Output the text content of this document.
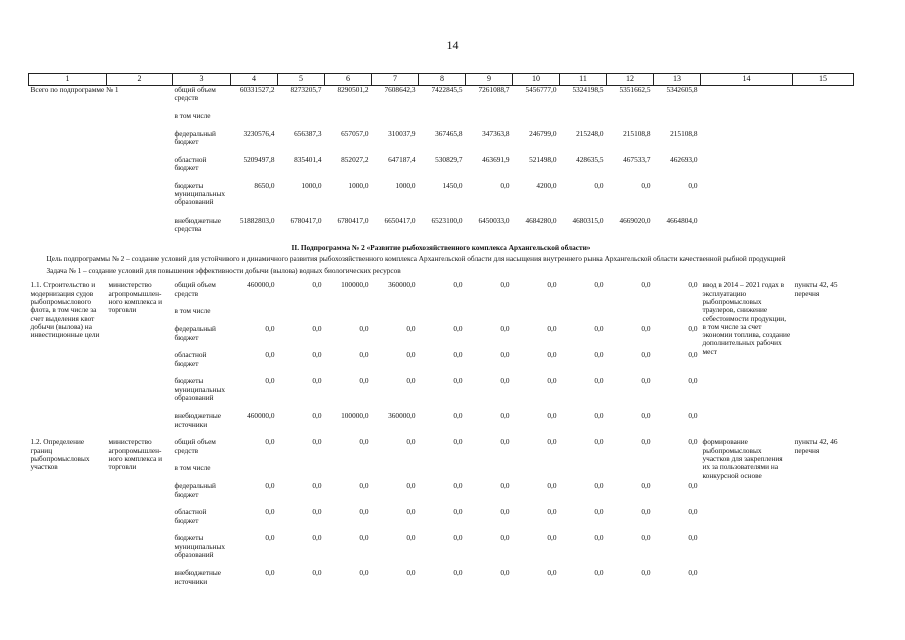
14
1	2	3	4	5	6	7	8	9	10	11	12	13	14	15
Всего по подпрограмме № 1		общий объем средств	60331527,2	8273205,7	8290501,2	7608642,3	7422845,5	7261088,7	5456777,0	5324198,5	5351662,5	5342605,8		
		в том числе												
		федеральный бюджет	3230576,4	656387,3	657057,0	310037,9	367465,8	347363,8	246799,0	215248,0	215108,8	215108,8		
		областной бюджет	5209497,8	835401,4	852027,2	647187,4	530829,7	463691,9	521498,0	428635,5	467533,7	462693,0		
		бюджеты муниципальных образований	8650,0	1000,0	1000,0	1000,0	1450,0	0,0	4200,0	0,0	0,0	0,0		
		внебюджетные средства	51882803,0	6780417,0	6780417,0	6650417,0	6523100,0	6450033,0	4684280,0	4680315,0	4669020,0	4664804,0		
II. Подпрограмма № 2 «Развитие рыбохозяйственного комплекса Архангельской области»														
Цель подпрограммы № 2 – создание условий для устойчивого и динамичного развития рыбохозяйственного комплекса Архангельской области для насыщения внутреннего рынка Архангельской области качественной рыбной продукцией														
Задача № 1 – создание условий для повышения эффективности добычи (вылова) водных биологических ресурсов														
1.1. Строительство и модернизация судов рыбопромыслового флота, в том числе за счет выделения квот добычи (вылова) на инвестиционные цели	министерство агропромышлен-ного комплекса и торговли	общий объем средств	460000,0	0,0	100000,0	360000,0	0,0	0,0	0,0	0,0	0,0	0,0	ввод в 2014 – 2021 годах в эксплуатацию рыбопромысловых траулеров, снижение себестоимости продукции, в том числе за счет экономии топлива, создание дополнительных рабочих мест	пункты 42, 45 перечня
		в том числе												
		федеральный бюджет	0,0	0,0	0,0	0,0	0,0	0,0	0,0	0,0	0,0	0,0		
		областной бюджет	0,0	0,0	0,0	0,0	0,0	0,0	0,0	0,0	0,0	0,0		
		бюджеты муниципальных образований	0,0	0,0	0,0	0,0	0,0	0,0	0,0	0,0	0,0	0,0		
		внебюджетные источники	460000,0	0,0	100000,0	360000,0	0,0	0,0	0,0	0,0	0,0	0,0		
1.2. Определение границ рыбопромысловых участков	министерство агропромышлен-ного комплекса и торговли	общий объем средств	0,0	0,0	0,0	0,0	0,0	0,0	0,0	0,0	0,0	0,0	формирование рыбопромысловых участков для закрепления их за пользователями на конкурсной основе	пункты 42, 46 перечня
		в том числе												
		федеральный бюджет	0,0	0,0	0,0	0,0	0,0	0,0	0,0	0,0	0,0	0,0		
		областной бюджет	0,0	0,0	0,0	0,0	0,0	0,0	0,0	0,0	0,0	0,0		
		бюджеты муниципальных образований	0,0	0,0	0,0	0,0	0,0	0,0	0,0	0,0	0,0	0,0		
		внебюджетные источники	0,0	0,0	0,0	0,0	0,0	0,0	0,0	0,0	0,0	0,0		
